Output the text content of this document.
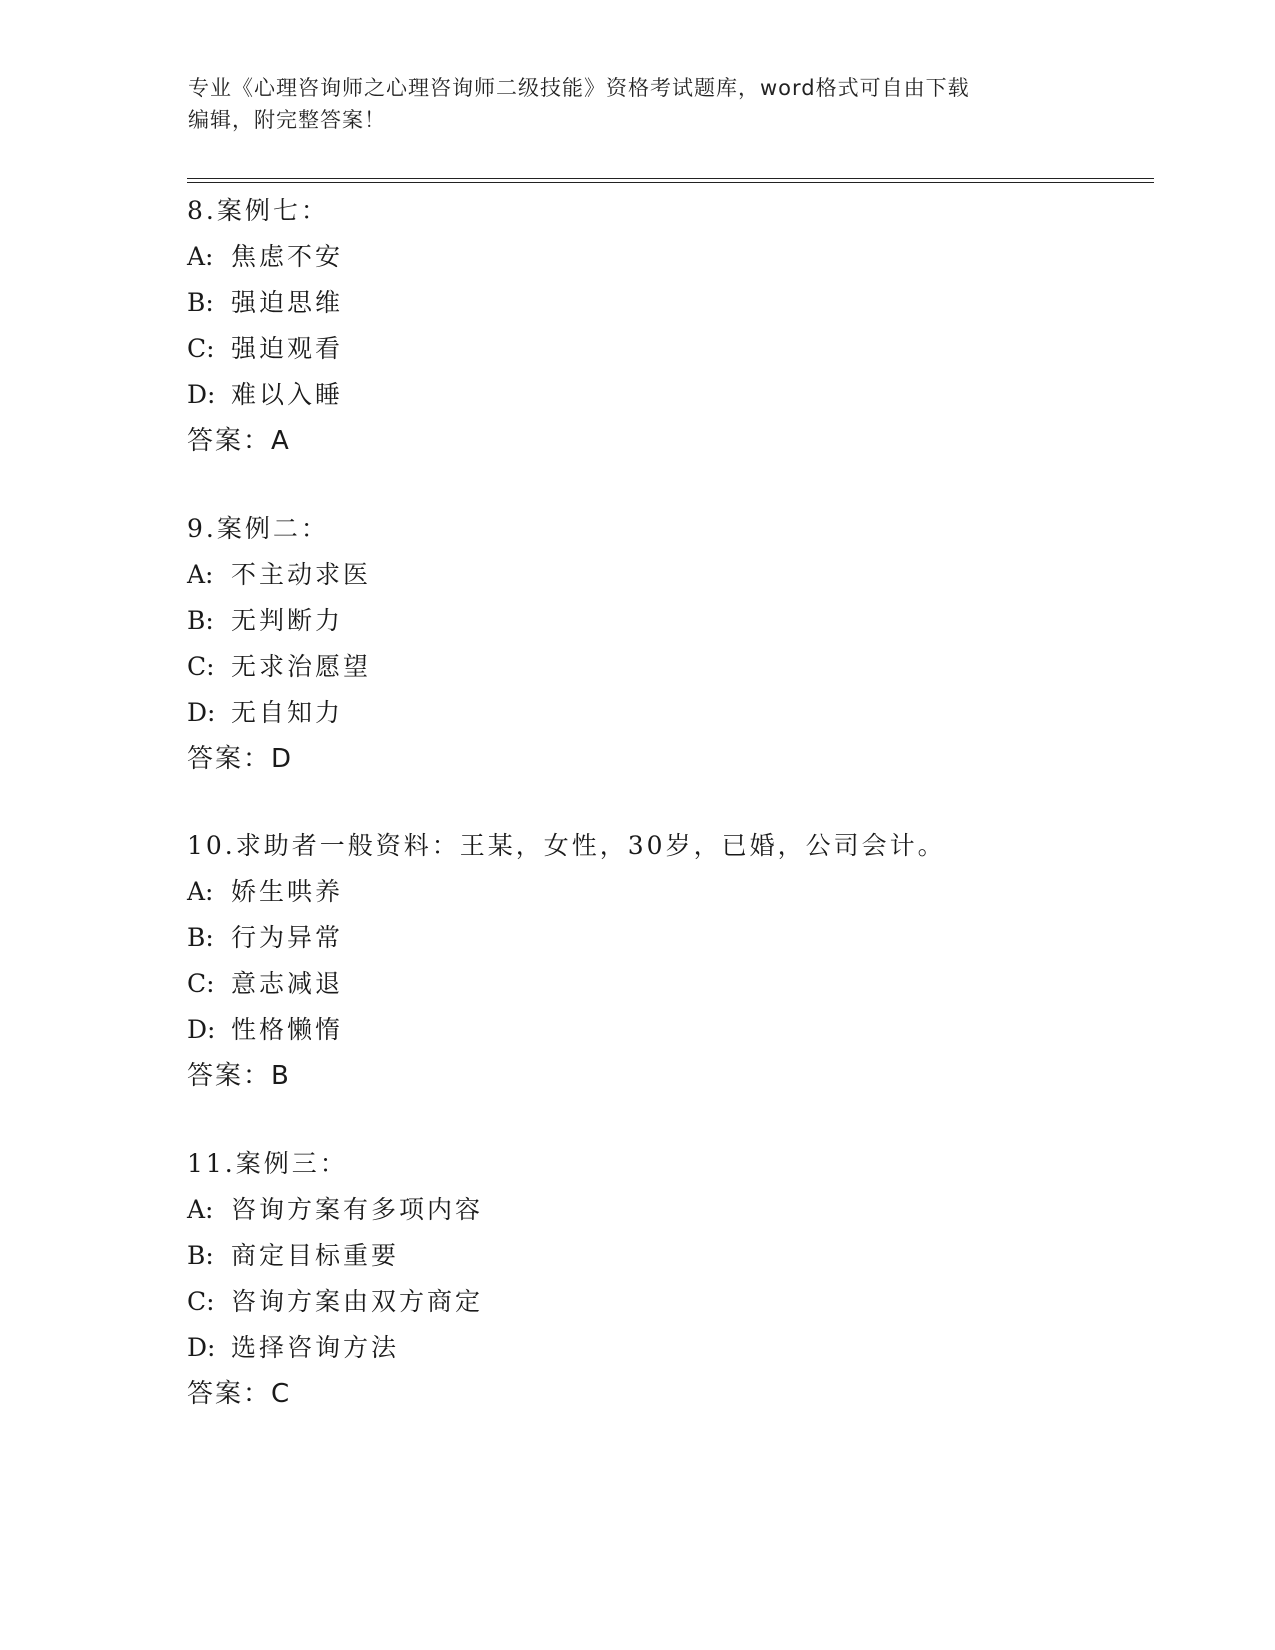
专业《心理咨询师之心理咨询师二级技能》资格考试题库，word格式可自由下载
编辑，附完整答案！
8.案例七：
A: 焦虑不安
B: 强迫思维
C: 强迫观看
D: 难以入睡
答案：A
9.案例二：
A: 不主动求医
B: 无判断力
C: 无求治愿望
D: 无自知力
答案：D
10.求助者一般资料：王某，女性，30岁，已婚，公司会计。
A: 娇生哄养
B: 行为异常
C: 意志减退
D: 性格懒惰
答案：B
11.案例三：
A: 咨询方案有多项内容
B: 商定目标重要
C: 咨询方案由双方商定
D: 选择咨询方法
答案：C
